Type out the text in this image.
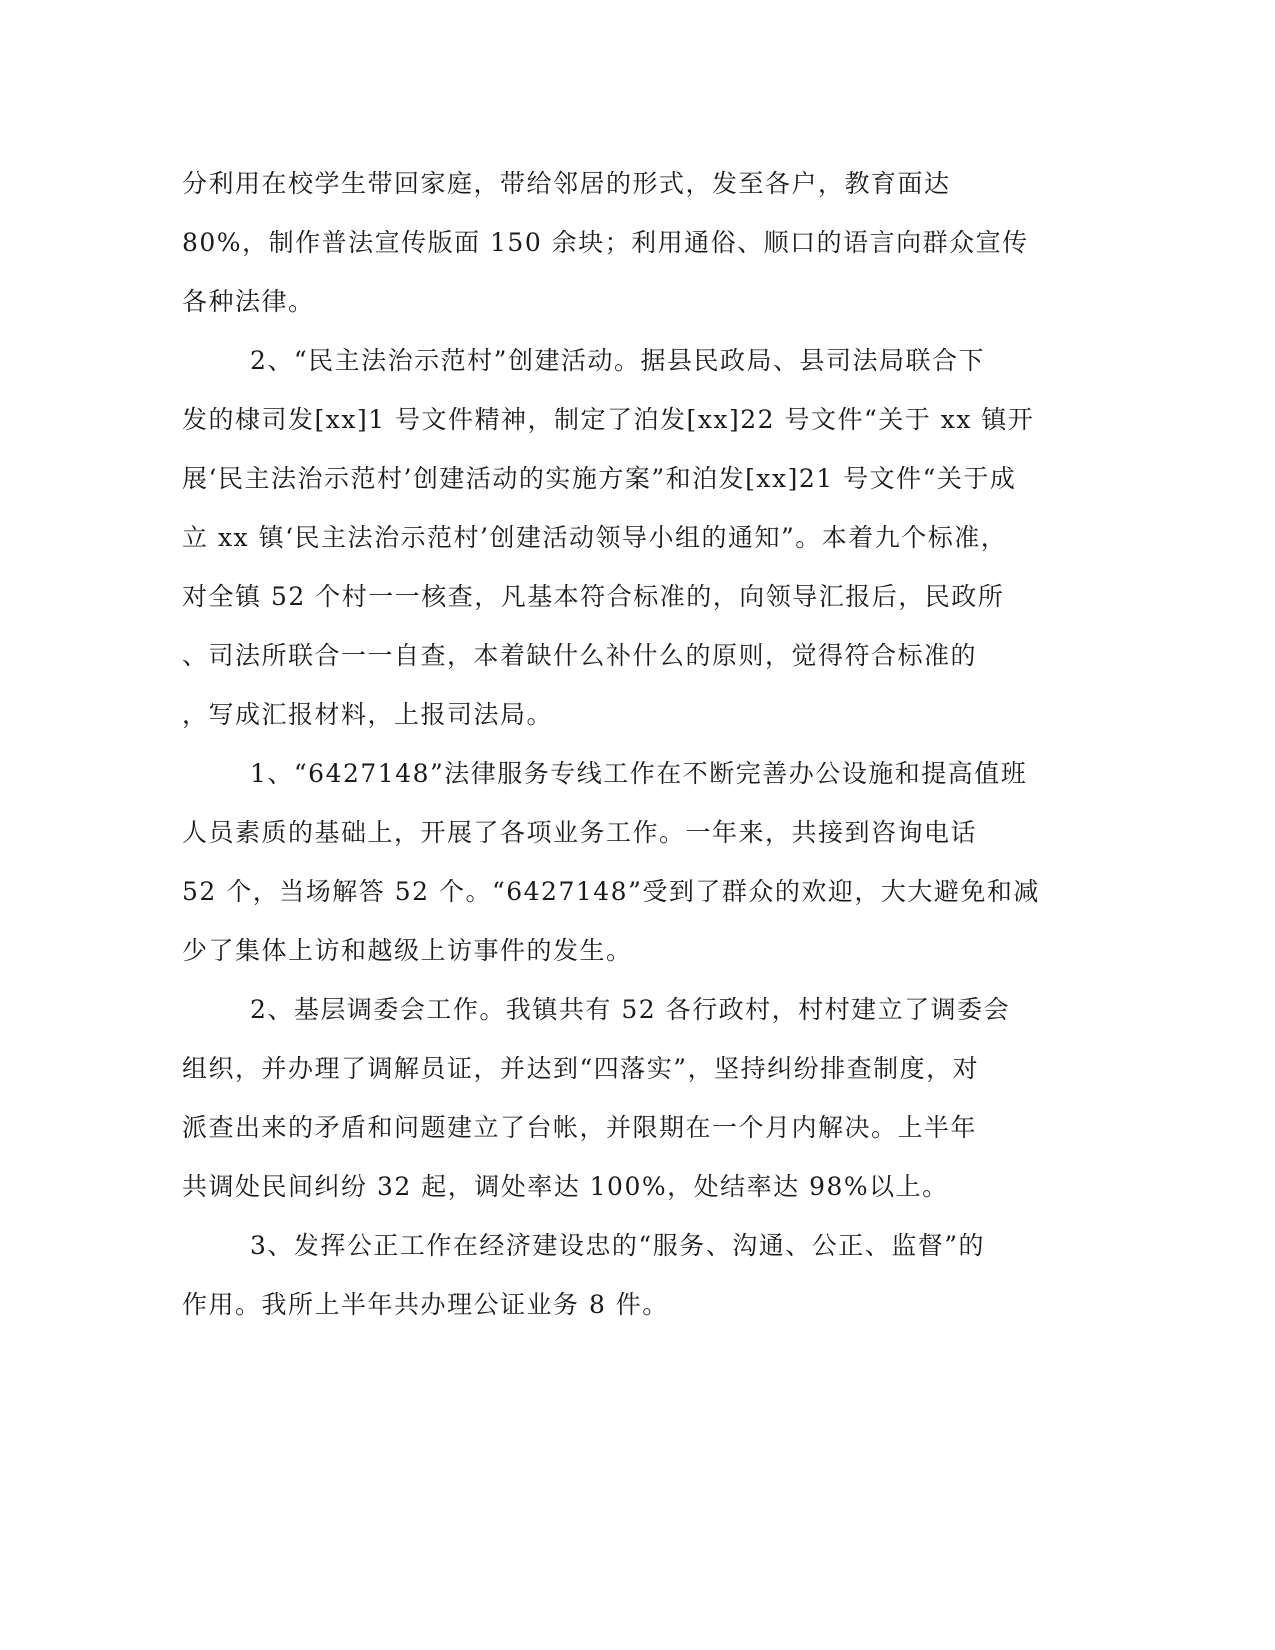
分利用在校学生带回家庭，带给邻居的形式，发至各户，教育面达
80%，制作普法宣传版面 150 余块；利用通俗、顺口的语言向群众宣传
各种法律。

2、“民主法治示范村”创建活动。据县民政局、县司法局联合下
发的棣司发[xx]1 号文件精神，制定了泊发[xx]22 号文件“关于 xx 镇开
展‘民主法治示范村’创建活动的实施方案”和泊发[xx]21 号文件“关于成
立 xx 镇‘民主法治示范村’创建活动领导小组的通知”。本着九个标准，
对全镇 52 个村一一核查，凡基本符合标准的，向领导汇报后，民政所
、司法所联合一一自查，本着缺什么补什么的原则，觉得符合标准的
，写成汇报材料，上报司法局。

1、“6427148”法律服务专线工作在不断完善办公设施和提高值班
人员素质的基础上，开展了各项业务工作。一年来，共接到咨询电话
52 个，当场解答 52 个。“6427148”受到了群众的欢迎，大大避免和减
少了集体上访和越级上访事件的发生。

2、基层调委会工作。我镇共有 52 各行政村，村村建立了调委会
组织，并办理了调解员证，并达到“四落实”，坚持纠纷排查制度，对
派查出来的矛盾和问题建立了台帐，并限期在一个月内解决。上半年
共调处民间纠纷 32 起，调处率达 100%，处结率达 98%以上。

3、发挥公正工作在经济建设忠的“服务、沟通、公正、监督”的
作用。我所上半年共办理公证业务 8 件。
